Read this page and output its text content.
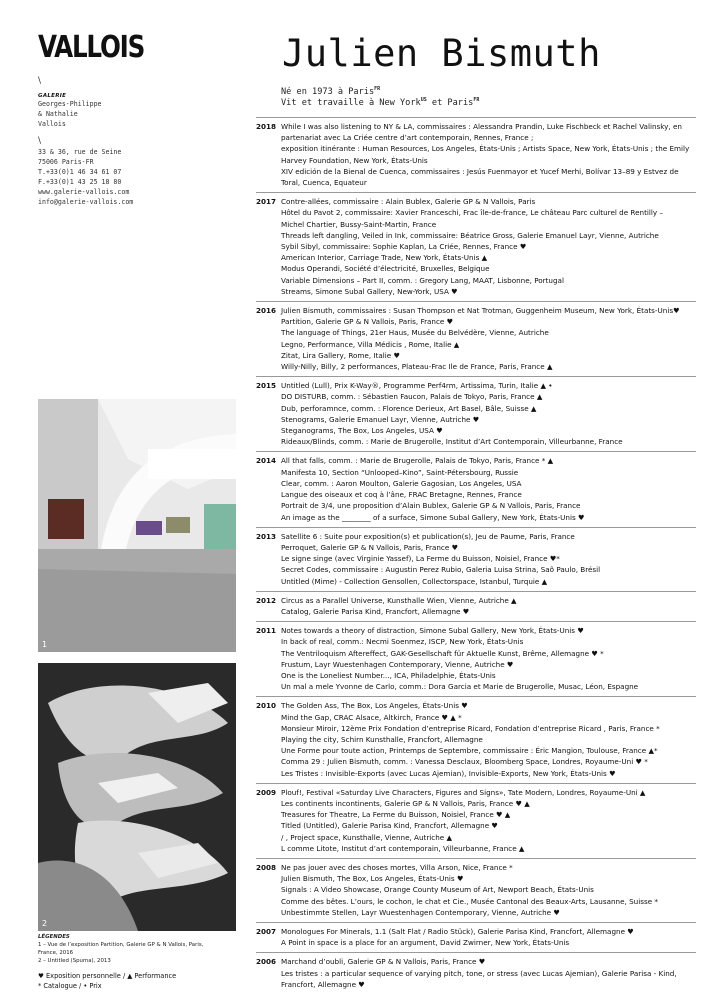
VALLOIS
\
GALERIE
Georges-Philippe
& Nathalie
Vallois
\
33 & 36, rue de Seine
75006 Paris-FR
T.+33(0)1 46 34 61 07
F.+33(0)1 43 25 18 80
www.galerie-vallois.com
info@galerie-vallois.com
Julien Bismuth
Né en 1973 à Paris$^{FR}$
Vit et travaille à New York$^{US}$ et Paris$^{FR}$
1
2
LÉGENDES
1 – Vue de l’exposition Partition, Galerie GP & N Vallois, Paris,
France, 2016
2 – Untitled (Spuma), 2013
♥ Exposition personnelle / ▲ Performance
* Catalogue / • Prix
2018 While I was also listening to NY & LA, commissaires : Alessandra Prandin, Luke Fischbeck et Rachel Valinsky, en partenariat avec La Criée centre d’art contemporain, Rennes, France ;
exposition itinérante : Human Resources, Los Angeles, États-Unis ; Artists Space, New York, États-Unis ; the Emily Harvey Foundation, New York, États-Unis
XIV edición de la Bienal de Cuenca, commissaires : Jesús Fuenmayor et Yucef Merhi, Bolívar 13–89 y Estvez de Toral, Cuenca, Equateur
2017 Contre-allées, commissaire : Alain Bublex, Galerie GP & N Vallois, Paris
Hôtel du Pavot 2, commissaire: Xavier Franceschi, Frac île-de-france, Le château Parc culturel de Rentilly –
Michel Chartier, Bussy-Saint-Martin, France
Threads left dangling, Veiled in Ink, commissaire: Béatrice Gross, Galerie Emanuel Layr, Vienne, Autriche
Sybil Sibyl, commissaire: Sophie Kaplan, La Criée, Rennes, France ♥
American Interior, Carriage Trade, New York, États-Unis ▲
Modus Operandi, Société d’électricité, Bruxelles, Belgique
Variable Dimensions – Part II, comm. : Gregory Lang, MAAT, Lisbonne, Portugal
Streams, Simone Subal Gallery, New-York, USA ♥
2016 Julien Bismuth, commissaires : Susan Thompson et Nat Trotman, Guggenheim Museum, New York, États-Unis♥
Partition, Galerie GP & N Vallois, Paris, France ♥
The language of Things, 21er Haus, Musée du Belvédère, Vienne, Autriche
Legno, Performance, Villa Médicis , Rome, Italie ▲
Zitat, Lira Gallery, Rome, Italie ♥
Willy-Nilly, Billy, 2 performances, Plateau-Frac Ile de France, Paris, France ▲
2015 Untitled (Lull), Prix K-Way®, Programme Perf4rm, Artissima, Turin, Italie ▲ •
DO DISTURB, comm. : Sébastien Faucon, Palais de Tokyo, Paris, France ▲
Dub, perforamnce, comm. : Florence Derieux, Art Basel, Bâle, Suisse ▲
Stenograms, Galerie Emanuel Layr, Vienne, Autriche ♥
Steganograms, The Box, Los Angeles, USA ♥
Rideaux/Blinds, comm. : Marie de Brugerolle, Institut d’Art Contemporain, Villeurbanne, France
2014 All that falls, comm. : Marie de Brugerolle, Palais de Tokyo, Paris, France * ▲
Manifesta 10, Section “Unlooped–Kino”, Saint-Pétersbourg, Russie
Clear, comm. : Aaron Moulton, Galerie Gagosian, Los Angeles, USA
Langue des oiseaux et coq à l’âne, FRAC Bretagne, Rennes, France
Portrait de 3/4, une proposition d’Alain Bublex, Galerie GP & N Vallois, Paris, France
An image as the ________ of a surface, Simone Subal Gallery, New York, États-Unis ♥
2013 Satellite 6 : Suite pour exposition(s) et publication(s), Jeu de Paume, Paris, France
Perroquet, Galerie GP & N Vallois, Paris, France ♥
Le signe singe (avec Virginie Yassef), La Ferme du Buisson, Noisiel, France ♥*
Secret Codes, commissaire : Augustin Perez Rubio, Galeria Luisa Strina, Saõ Paulo, Brésil
Untitled (Mime) - Collection Gensollen, Collectorspace, Istanbul, Turquie ▲
2012 Circus as a Parallel Universe, Kunsthalle Wien, Vienne, Autriche ▲
Catalog, Galerie Parisa Kind, Francfort, Allemagne ♥
2011 Notes towards a theory of distraction, Simone Subal Gallery, New York, États-Unis ♥
In back of real, comm.: Necmi Soenmez, ISCP, New York, États-Unis
The Ventriloquism Aftereffect, GAK-Gesellschaft für Aktuelle Kunst, Brême, Allemagne ♥ *
Frustum, Layr Wuestenhagen Contemporary, Vienne, Autriche ♥
One is the Loneliest Number..., ICA, Philadelphie, États-Unis
Un mal a mele Yvonne de Carlo, comm.: Dora Garcia et Marie de Brugerolle, Musac, Léon, Espagne
2010 The Golden Ass, The Box, Los Angeles, États-Unis ♥
Mind the Gap, CRAC Alsace, Altkirch, France ♥ ▲ *
Monsieur Miroir, 12ème Prix Fondation d’entreprise Ricard, Fondation d’entreprise Ricard , Paris, France *
Playing the city, Schirn Kunsthalle, Francfort, Allemagne
Une Forme pour toute action, Printemps de Septembre, commissaire : Éric Mangion, Toulouse, France ▲*
Comma 29 : Julien Bismuth, comm. : Vanessa Desclaux, Bloomberg Space, Londres, Royaume-Uni ♥ *
Les Tristes : Invisible-Exports (avec Lucas Ajemian), Invisible-Exports, New York, États-Unis ♥
2009 Plouf!, Festival «Saturday Live Characters, Figures and Signs», Tate Modern, Londres, Royaume-Uni ▲
Les continents incontinents, Galerie GP & N Vallois, Paris, France ♥ ▲
Treasures for Theatre, La Ferme du Buisson, Noisiel, France ♥ ▲
Titled (Untitled), Galerie Parisa Kind, Francfort, Allemagne ♥
/ , Project space, Kunsthalle, Vienne, Autriche ▲
L comme Litote, Institut d’art contemporain, Villeurbanne, France ▲
2008 Ne pas jouer avec des choses mortes, Villa Arson, Nice, France *
Julien Bismuth, The Box, Los Angeles, États-Unis ♥
Signals : A Video Showcase, Orange County Museum of Art, Newport Beach, États-Unis
Comme des bêtes. L’ours, le cochon, le chat et Cie., Musée Cantonal des Beaux-Arts, Lausanne, Suisse *
Unbestimmte Stellen, Layr Wuestenhagen Contemporary, Vienne, Autriche ♥
2007 Monologues For Minerals, 1.1 (Salt Flat / Radio Stück), Galerie Parisa Kind, Francfort, Allemagne ♥
A Point in space is a place for an argument, David Zwirner, New York, États-Unis
2006 Marchand d’oubli, Galerie GP & N Vallois, Paris, France ♥
Les tristes : a particular sequence of varying pitch, tone, or stress (avec Lucas Ajemian), Galerie Parisa - Kind, Francfort, Allemagne ♥
